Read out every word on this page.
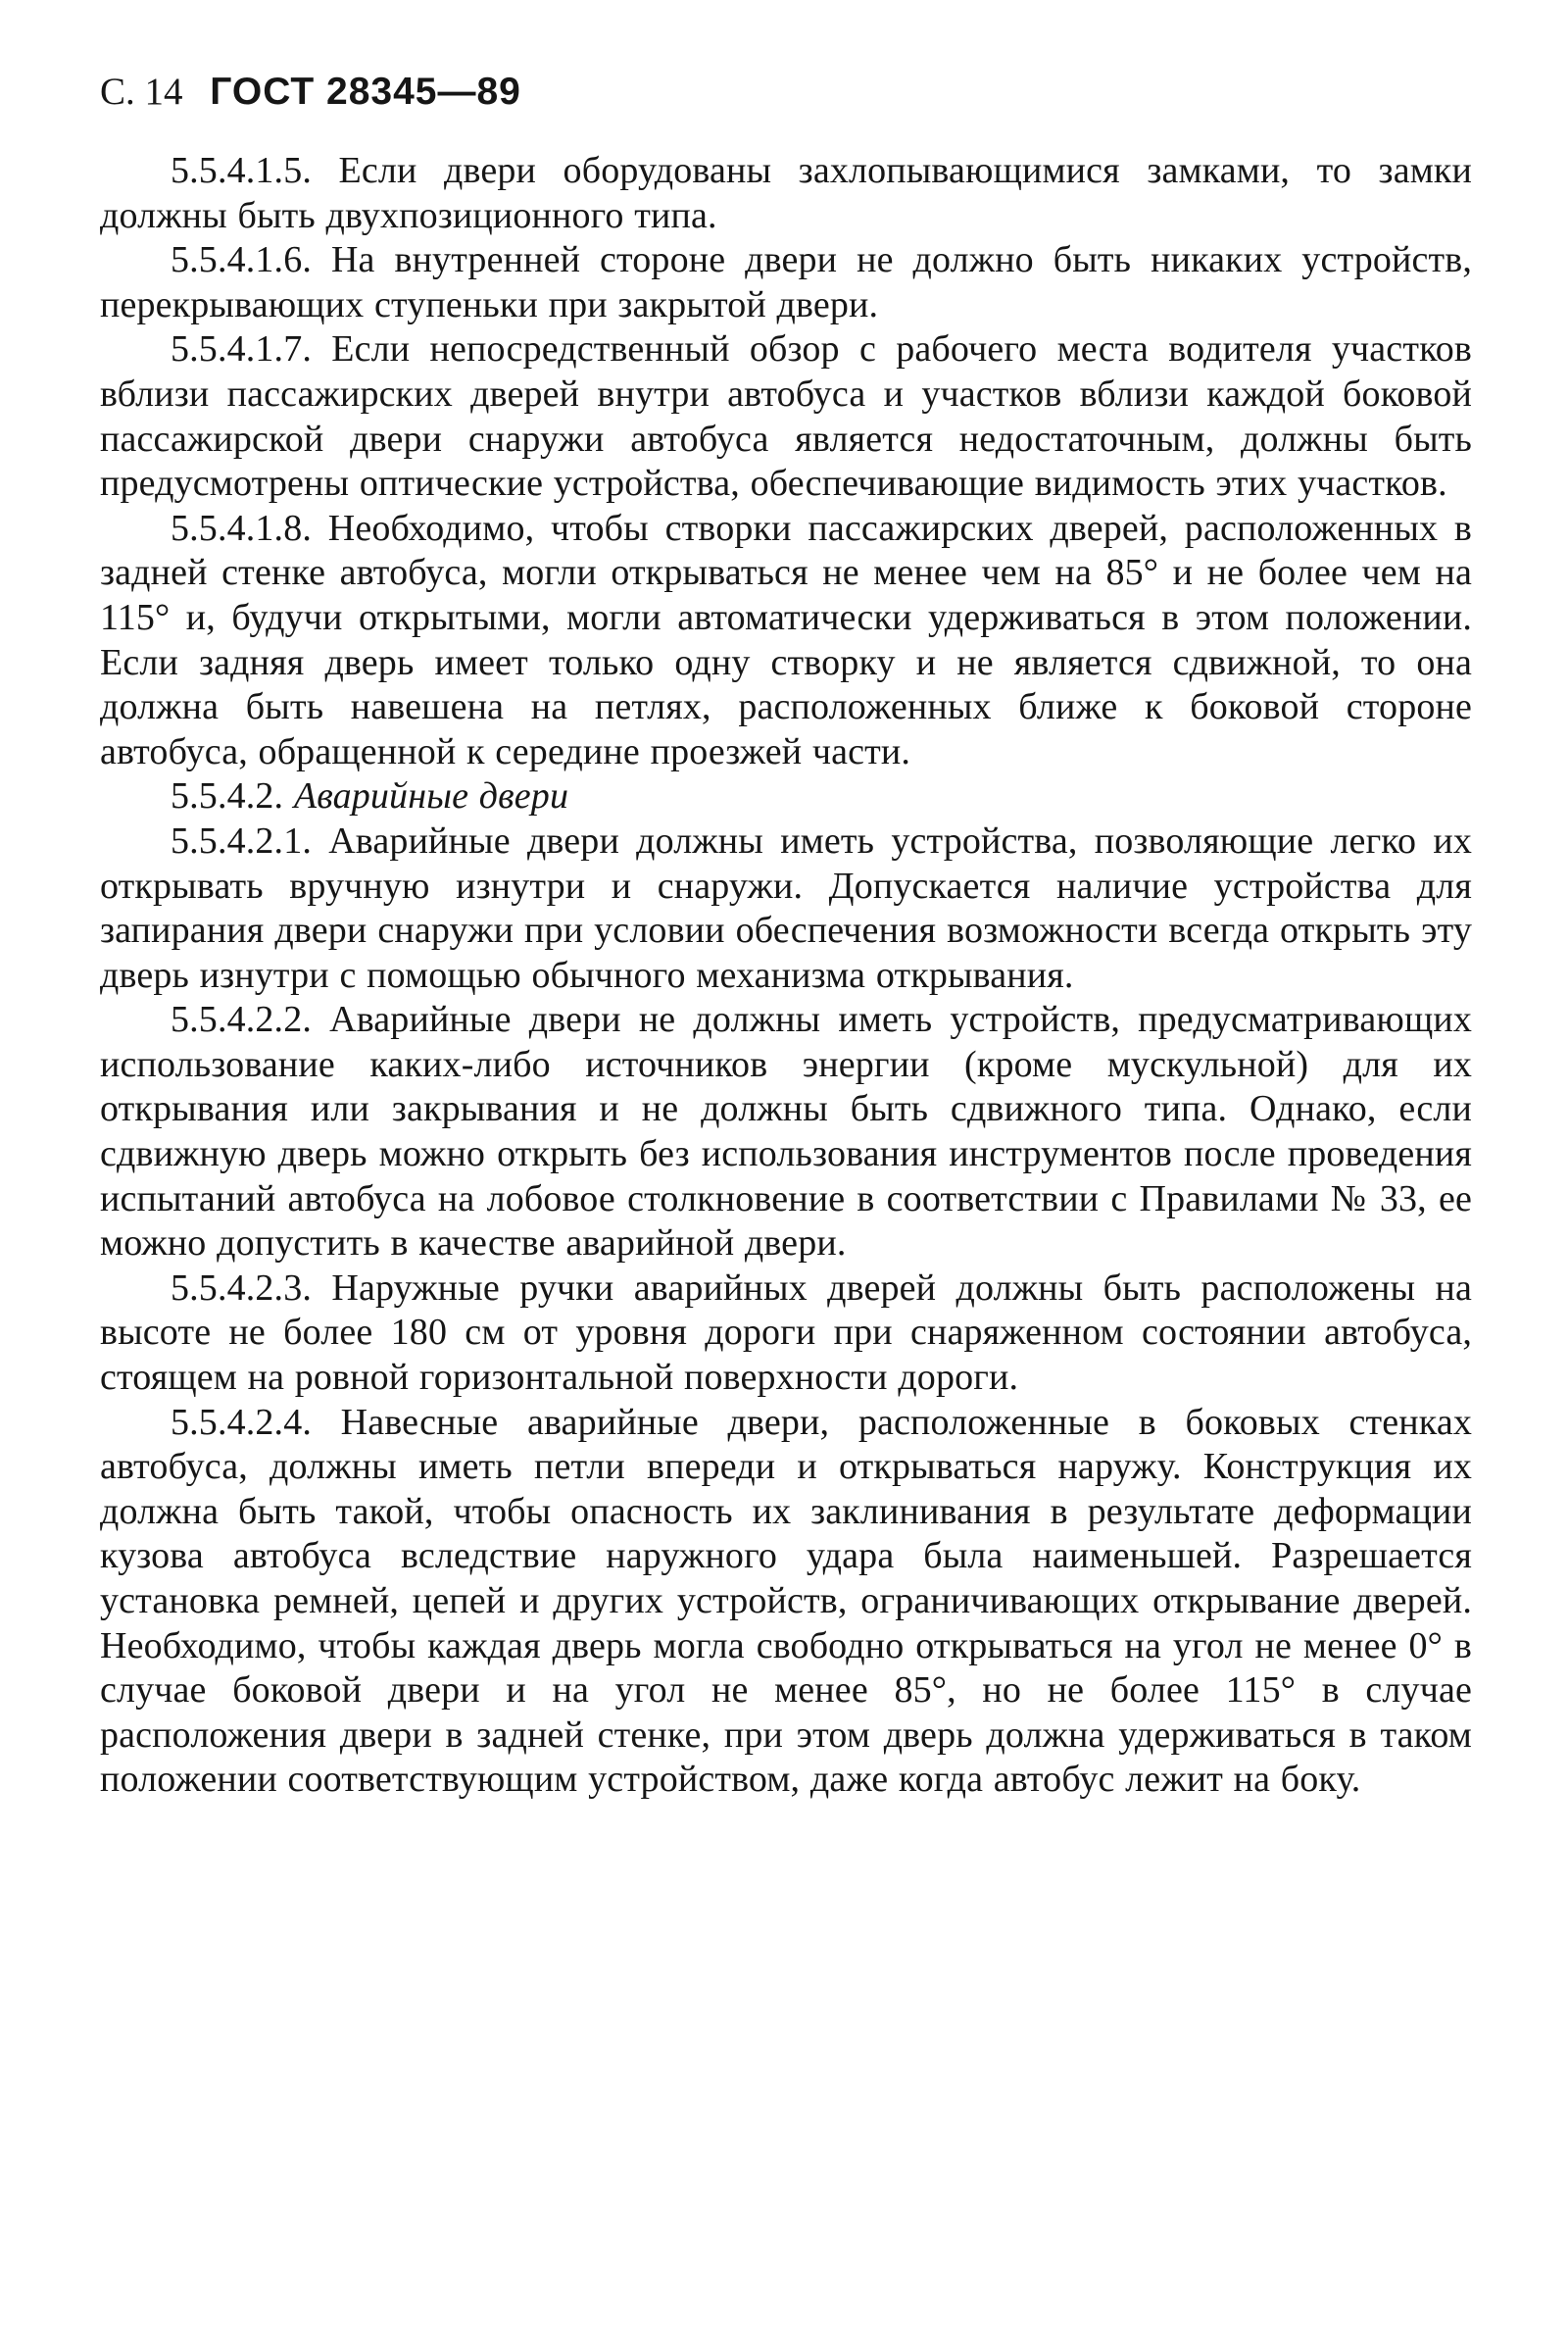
С. 14 ГОСТ 28345—89

5.5.4.1.5. Если двери оборудованы захлопывающимися замками, то замки должны быть двухпозиционного типа.

5.5.4.1.6. На внутренней стороне двери не должно быть никаких устройств, перекрывающих ступеньки при закрытой двери.

5.5.4.1.7. Если непосредственный обзор с рабочего места водителя участков вблизи пассажирских дверей внутри автобуса и участков вблизи каждой боковой пассажирской двери снаружи автобуса является недостаточным, должны быть предусмотрены оптические устройства, обеспечивающие видимость этих участков.

5.5.4.1.8. Необходимо, чтобы створки пассажирских дверей, расположенных в задней стенке автобуса, могли открываться не менее чем на 85° и не более чем на 115° и, будучи открытыми, могли автоматически удерживаться в этом положении. Если задняя дверь имеет только одну створку и не является сдвижной, то она должна быть навешена на петлях, расположенных ближе к боковой стороне автобуса, обращенной к середине проезжей части.

5.5.4.2. Аварийные двери

5.5.4.2.1. Аварийные двери должны иметь устройства, позволяющие легко их открывать вручную изнутри и снаружи. Допускается наличие устройства для запирания двери снаружи при условии обеспечения возможности всегда открыть эту дверь изнутри с помощью обычного механизма открывания.

5.5.4.2.2. Аварийные двери не должны иметь устройств, предусматривающих использование каких-либо источников энергии (кроме мускульной) для их открывания или закрывания и не должны быть сдвижного типа. Однако, если сдвижную дверь можно открыть без использования инструментов после проведения испытаний автобуса на лобовое столкновение в соответствии с Правилами № 33, ее можно допустить в качестве аварийной двери.

5.5.4.2.3. Наружные ручки аварийных дверей должны быть расположены на высоте не более 180 см от уровня дороги при снаряженном состоянии автобуса, стоящем на ровной горизонтальной поверхности дороги.

5.5.4.2.4. Навесные аварийные двери, расположенные в боковых стенках автобуса, должны иметь петли впереди и открываться наружу. Конструкция их должна быть такой, чтобы опасность их заклинивания в результате деформации кузова автобуса вследствие наружного удара была наименьшей. Разрешается установка ремней, цепей и других устройств, ограничивающих открывание дверей. Необходимо, чтобы каждая дверь могла свободно открываться на угол не менее 0° в случае боковой двери и на угол не менее 85°, но не более 115° в случае расположения двери в задней стенке, при этом дверь должна удерживаться в таком положении соответствующим устройством, даже когда автобус лежит на боку.
